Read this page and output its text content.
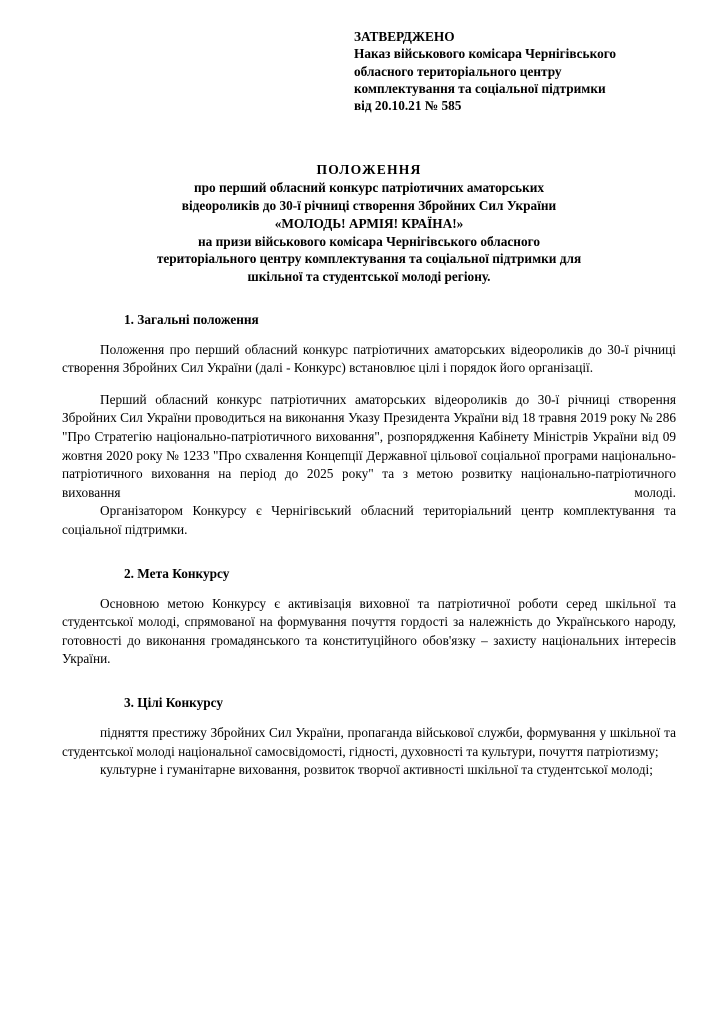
ЗАТВЕРДЖЕНО
Наказ військового комісара Чернігівського
обласного територіального центру
комплектування та соціальної підтримки
від 20.10.21 № 585
ПОЛОЖЕННЯ
про перший обласний конкурс патріотичних аматорських
відеороликів до 30-ї річниці створення Збройних Сил України
«МОЛОДЬ! АРМІЯ! КРАЇНА!»
на призи військового комісара Чернігівського обласного
територіального центру комплектування та соціальної підтримки для
шкільної та студентської молоді регіону.
1. Загальні положення

Положення про перший обласний конкурс патріотичних аматорських відеороликів до 30-ї річниці створення Збройних Сил України (далі - Конкурс) встановлює цілі і порядок його організації.

Перший обласний конкурс патріотичних аматорських відеороликів до 30-ї річниці створення Збройних Сил України проводиться на виконання Указу Президента України від 18 травня 2019 року № 286 "Про Стратегію національно-патріотичного виховання", розпорядження Кабінету Міністрів України від 09 жовтня 2020 року № 1233 "Про схвалення Концепції Державної цільової соціальної програми національно-патріотичного виховання на період до 2025 року" та з метою розвитку національно-патріотичного виховання молоді.

Організатором Конкурсу є Чернігівський обласний територіальний центр комплектування та соціальної підтримки.

2. Мета Конкурсу

Основною метою Конкурсу є активізація виховної та патріотичної роботи серед шкільної та студентської молоді, спрямованої на формування почуття гордості за належність до Українського народу, готовності до виконання громадянського та конституційного обов'язку – захисту національних інтересів України.

3. Цілі Конкурсу

підняття престижу Збройних Сил України, пропаганда військової служби, формування у шкільної та студентської молоді національної самосвідомості, гідності, духовності та культури, почуття патріотизму;

культурне і гуманітарне виховання, розвиток творчої активності шкільної та студентської молоді;
